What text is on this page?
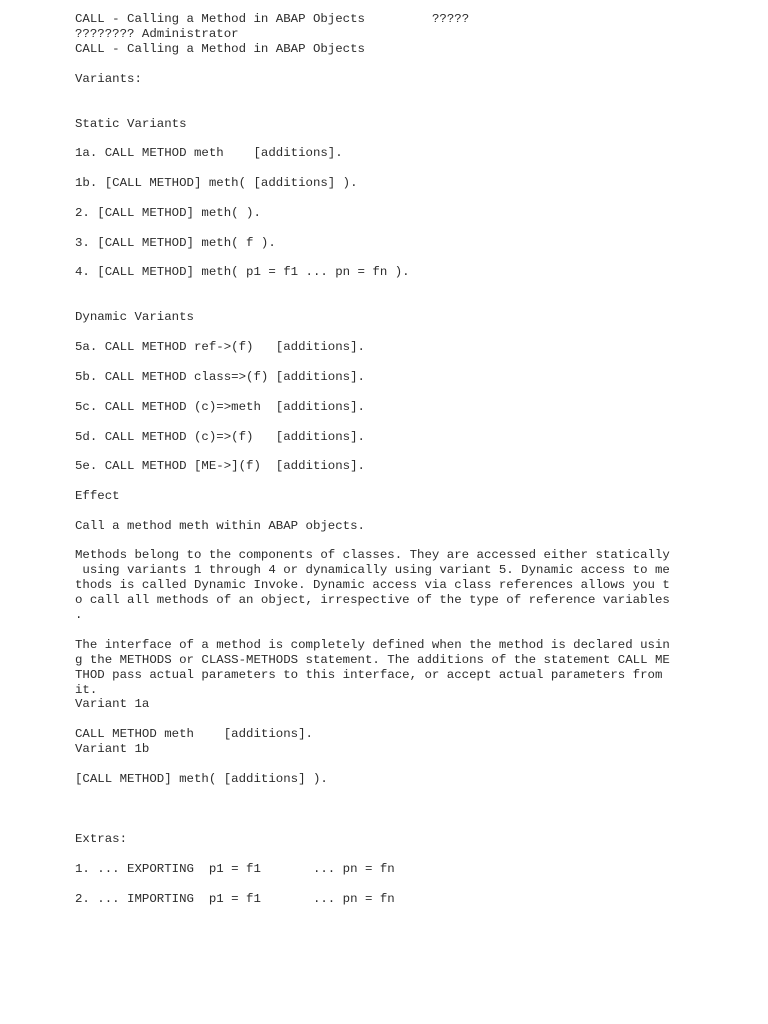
CALL - Calling a Method in ABAP Objects	?????
???????? Administrator
CALL - Calling a Method in ABAP Objects
Variants:
Static Variants
1a. CALL METHOD meth    [additions].
1b. [CALL METHOD] meth( [additions] ).
2. [CALL METHOD] meth( ).
3. [CALL METHOD] meth( f ).
4. [CALL METHOD] meth( p1 = f1 ... pn = fn ).
Dynamic Variants
5a. CALL METHOD ref->(f)   [additions].
5b. CALL METHOD class=>(f) [additions].
5c. CALL METHOD (c)=>meth  [additions].
5d. CALL METHOD (c)=>(f)   [additions].
5e. CALL METHOD [ME->](f)  [additions].
Effect
Call a method meth within ABAP objects.
Methods belong to the components of classes. They are accessed either statically
using variants 1 through 4 or dynamically using variant 5. Dynamic access to me
thods is called Dynamic Invoke. Dynamic access via class references allows you t
o call all methods of an object, irrespective of the type of reference variables
.
The interface of a method is completely defined when the method is declared usin
g the METHODS or CLASS-METHODS statement. The additions of the statement CALL ME
THOD pass actual parameters to this interface, or accept actual parameters from
it.
Variant 1a
CALL METHOD meth    [additions].
Variant 1b
[CALL METHOD] meth( [additions] ).
Extras:
1. ... EXPORTING  p1 = f1       ... pn = fn
2. ... IMPORTING  p1 = f1       ... pn = fn
